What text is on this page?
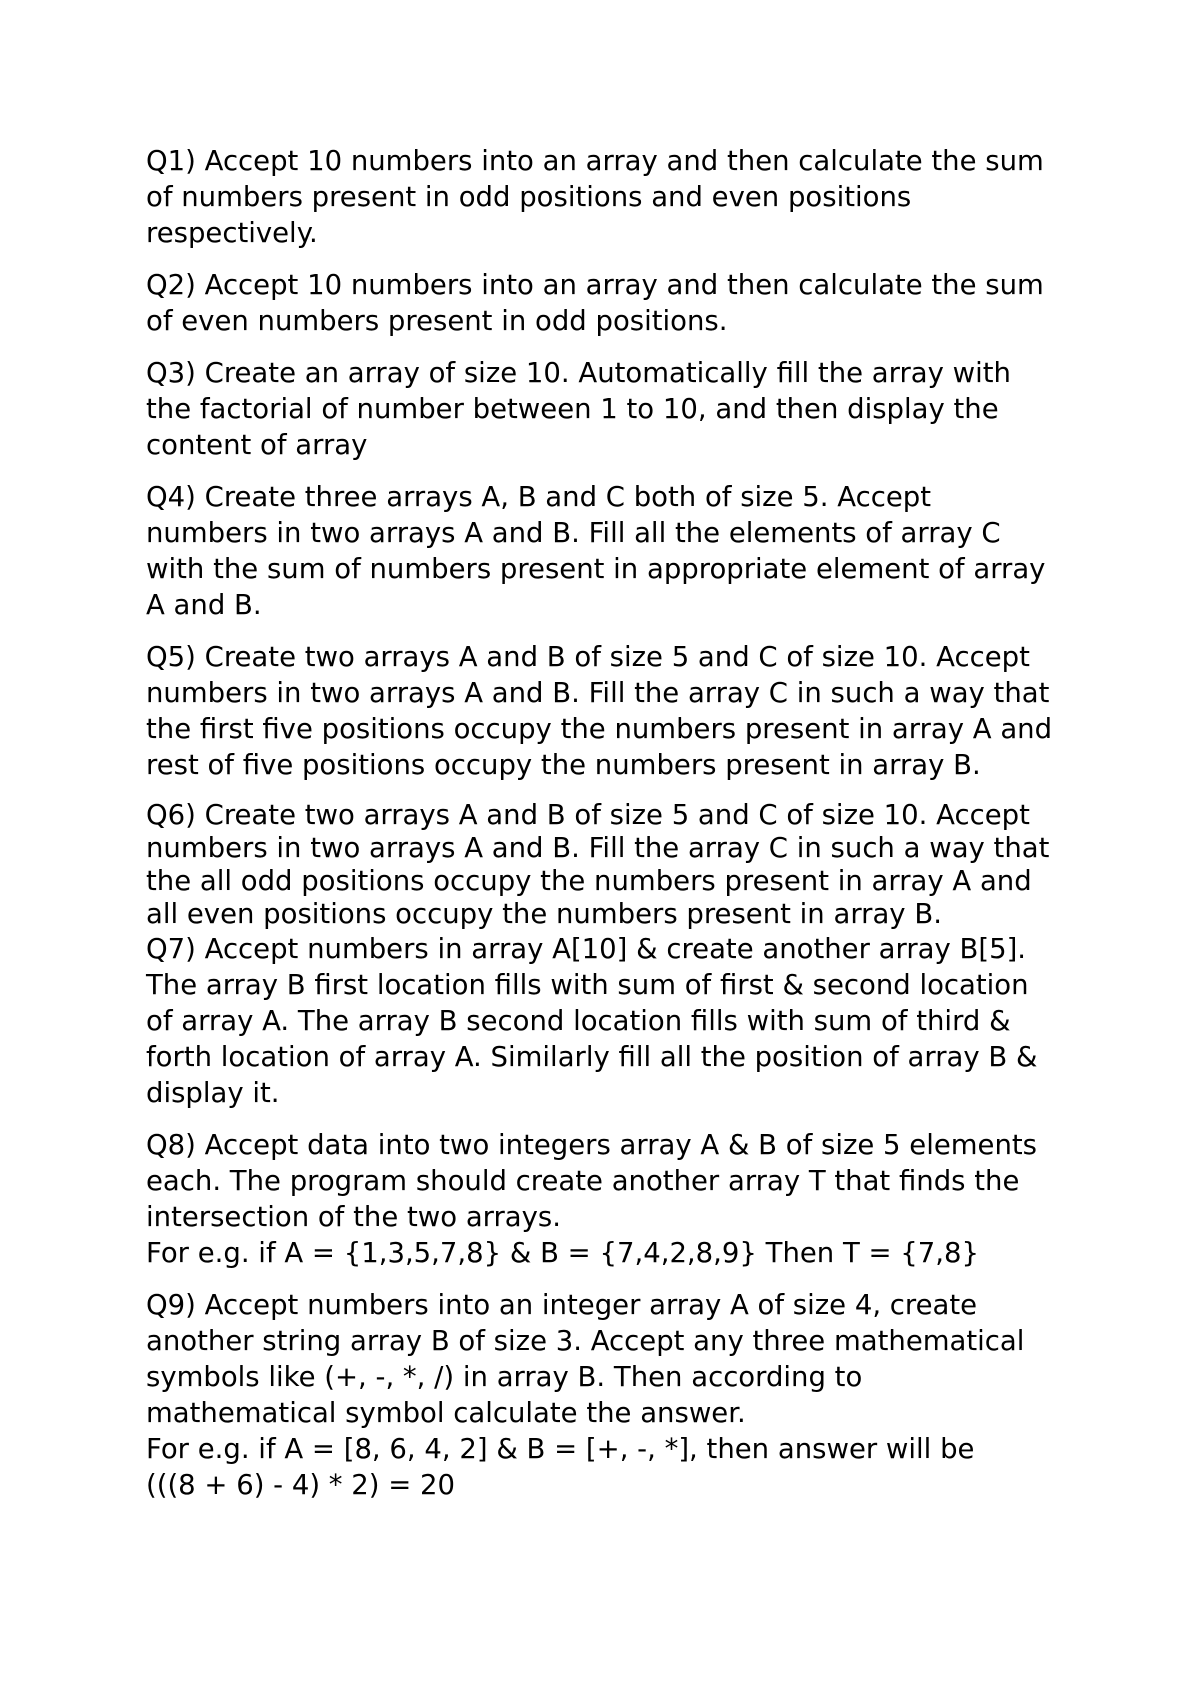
Q1) Accept 10 numbers into an array and then calculate the sum
of numbers present in odd positions and even positions
respectively.
Q2) Accept 10 numbers into an array and then calculate the sum
of even numbers present in odd positions.
Q3) Create an array of size 10. Automatically fill the array with
the factorial of number between 1 to 10, and then display the
content of array
Q4) Create three arrays A, B and C both of size 5. Accept
numbers in two arrays A and B. Fill all the elements of array C
with the sum of numbers present in appropriate element of array
A and B.
Q5) Create two arrays A and B of size 5 and C of size 10. Accept
numbers in two arrays A and B. Fill the array C in such a way that
the first five positions occupy the numbers present in array A and
rest of five positions occupy the numbers present in array B.
Q6) Create two arrays A and B of size 5 and C of size 10. Accept
numbers in two arrays A and B. Fill the array C in such a way that
the all odd positions occupy the numbers present in array A and
all even positions occupy the numbers present in array B.
Q7) Accept numbers in array A[10] & create another array B[5].
The array B first location fills with sum of first & second location
of array A. The array B second location fills with sum of third &
forth location of array A. Similarly fill all the position of array B &
display it.
Q8) Accept data into two integers array A & B of size 5 elements
each. The program should create another array T that finds the
intersection of the two arrays.
For e.g. if A = {1,3,5,7,8} & B = {7,4,2,8,9} Then T = {7,8}
Q9) Accept numbers into an integer array A of size 4, create
another string array B of size 3. Accept any three mathematical
symbols like (+, -, *, /) in array B. Then according to
mathematical symbol calculate the answer.
For e.g. if A = [8, 6, 4, 2] & B = [+, -, *], then answer will be
(((8 + 6) - 4) * 2) = 20
